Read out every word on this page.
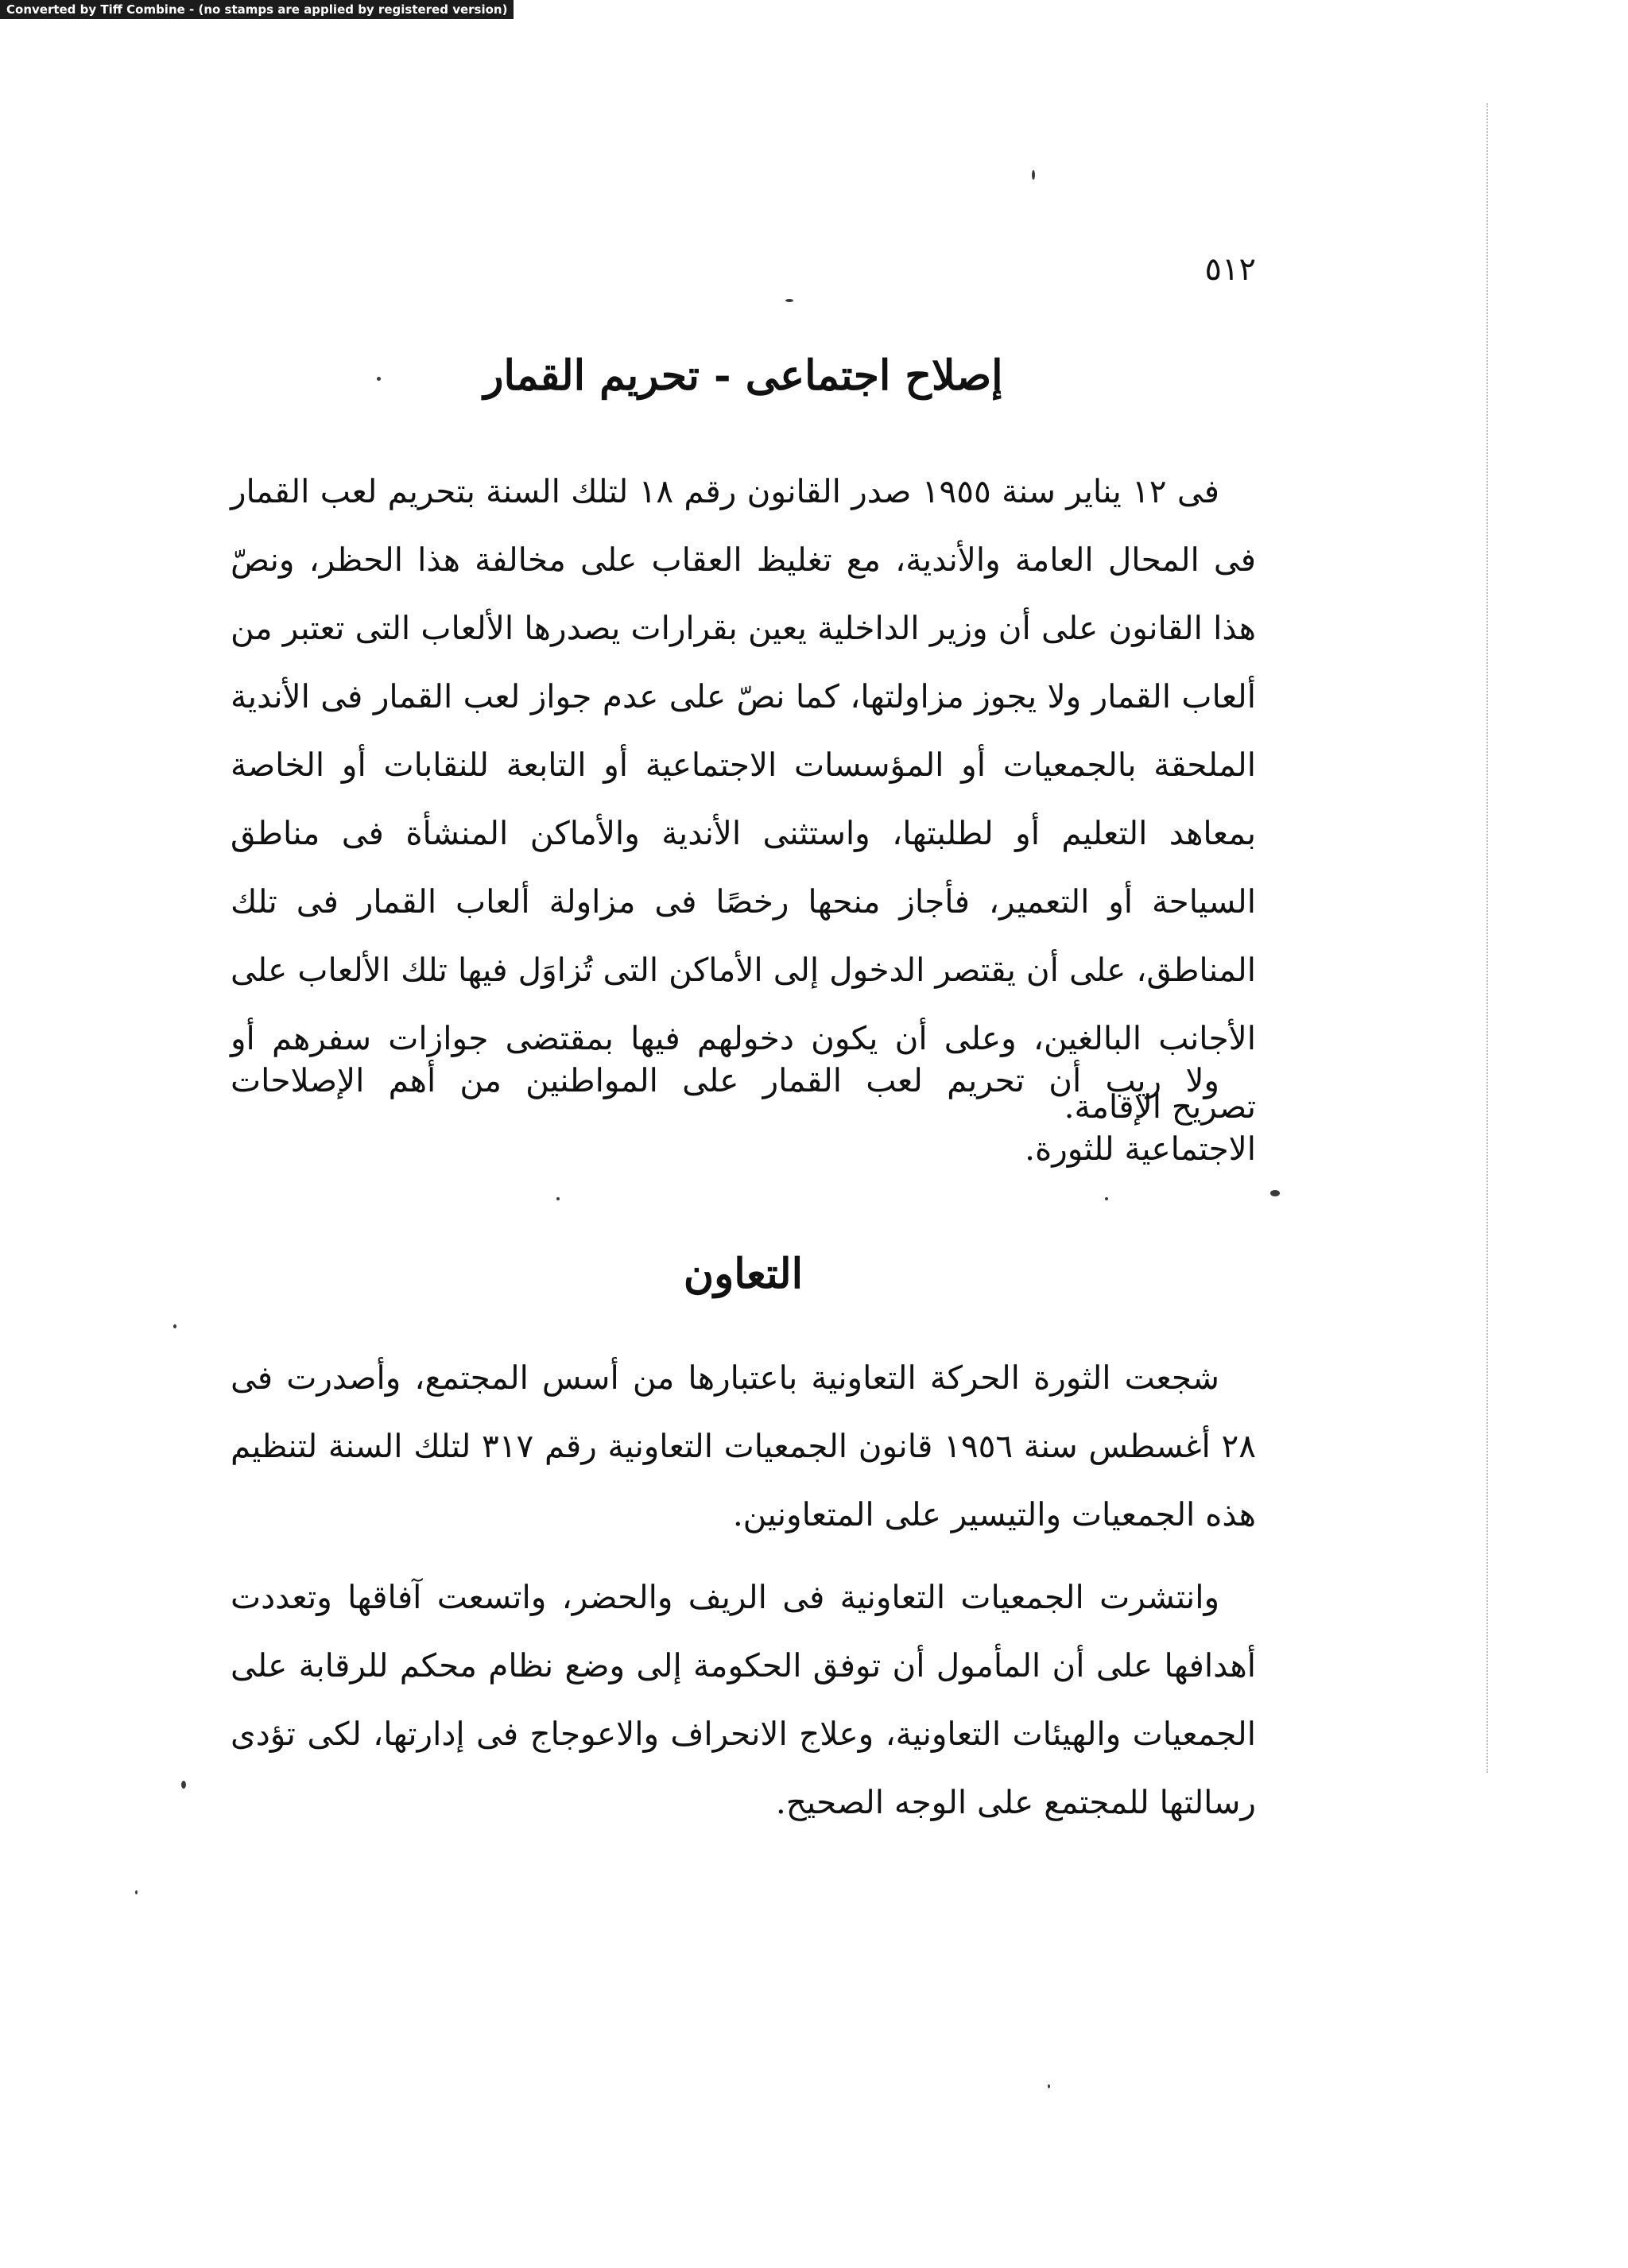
Converted by Tiff Combine - (no stamps are applied by registered version)
٥١٢
إصلاح اجتماعى - تحريم القمار

فى ١٢ يناير سنة ١٩٥٥ صدر القانون رقم ١٨ لتلك السنة بتحريم لعب القمار فى المحال العامة والأندية، مع تغليظ العقاب على مخالفة هذا الحظر، ونصّ هذا القانون على أن وزير الداخلية يعين بقرارات يصدرها الألعاب التى تعتبر من ألعاب القمار ولا يجوز مزاولتها، كما نصّ على عدم جواز لعب القمار فى الأندية الملحقة بالجمعيات أو المؤسسات الاجتماعية أو التابعة للنقابات أو الخاصة بمعاهد التعليم أو لطلبتها، واستثنى الأندية والأماكن المنشأة فى مناطق السياحة أو التعمير، فأجاز منحها رخصًا فى مزاولة ألعاب القمار فى تلك المناطق، على أن يقتصر الدخول إلى الأماكن التى تُزاوَل فيها تلك الألعاب على الأجانب البالغين، وعلى أن يكون دخولهم فيها بمقتضى جوازات سفرهم أو تصريح الإقامة.

ولا ريب أن تحريم لعب القمار على المواطنين من أهم الإصلاحات الاجتماعية للثورة.

التعاون

شجعت الثورة الحركة التعاونية باعتبارها من أسس المجتمع، وأصدرت فى ٢٨ أغسطس سنة ١٩٥٦ قانون الجمعيات التعاونية رقم ٣١٧ لتلك السنة لتنظيم هذه الجمعيات والتيسير على المتعاونين.

وانتشرت الجمعيات التعاونية فى الريف والحضر، واتسعت آفاقها وتعددت أهدافها على أن المأمول أن توفق الحكومة إلى وضع نظام محكم للرقابة على الجمعيات والهيئات التعاونية، وعلاج الانحراف والاعوجاج فى إدارتها، لكى تؤدى رسالتها للمجتمع على الوجه الصحيح.
